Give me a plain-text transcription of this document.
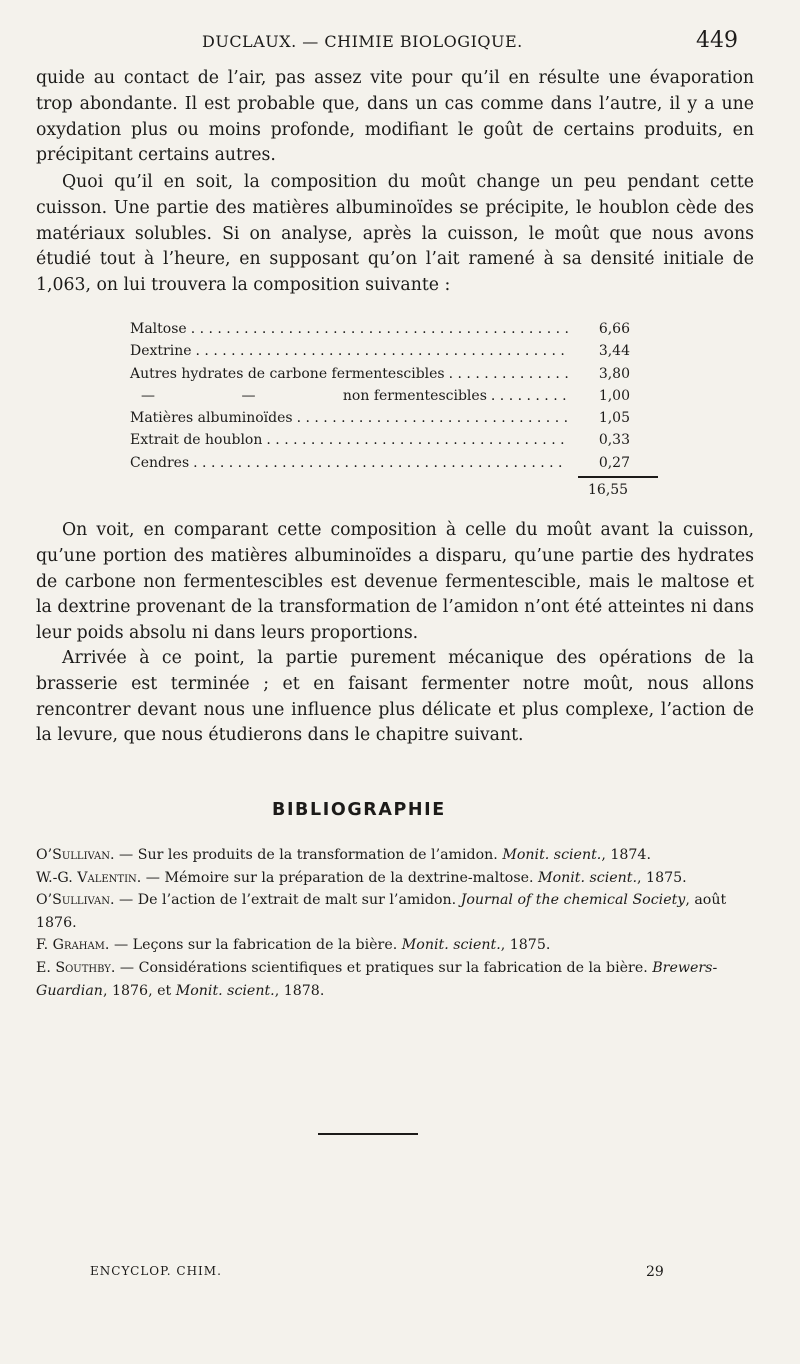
DUCLAUX. — CHIMIE BIOLOGIQUE.	449

quide au contact de l’air, pas assez vite pour qu’il en résulte une évaporation trop abondante. Il est probable que, dans un cas comme dans l’autre, il y a une oxydation plus ou moins profonde, modifiant le goût de certains produits, en précipitant certains autres.

Quoi qu’il en soit, la composition du moût change un peu pendant cette cuisson. Une partie des matières albuminoïdes se précipite, le houblon cède des matériaux solubles. Si on analyse, après la cuisson, le moût que nous avons étudié tout à l’heure, en supposant qu’on l’ait ramené à sa densité initiale de 1,063, on lui trouvera la composition suivante :

Maltose . . .	6,66
Dextrine . . .	3,44
Autres hydrates de carbone fermentescibles . . .	3,80
—	—	non fermentescibles . . .	1,00
Matières albuminoïdes . . .	1,05
Extrait de houblon . . .	0,33
Cendres . . .	0,27
16,55

On voit, en comparant cette composition à celle du moût avant la cuisson, qu’une portion des matières albuminoïdes a disparu, qu’une partie des hydrates de carbone non fermentescibles est devenue fermentescible, mais le maltose et la dextrine provenant de la transformation de l’amidon n’ont été atteintes ni dans leur poids absolu ni dans leurs proportions.

Arrivée à ce point, la partie purement mécanique des opérations de la brasserie est terminée ; et en faisant fermenter notre moût, nous allons rencontrer devant nous une influence plus délicate et plus complexe, l’action de la levure, que nous étudierons dans le chapitre suivant.

BIBLIOGRAPHIE

O’Sullivan. — Sur les produits de la transformation de l’amidon. Monit. scient., 1874.

W.-G. Valentin. — Mémoire sur la préparation de la dextrine-maltose. Monit. scient., 1875.

O’Sullivan. — De l’action de l’extrait de malt sur l’amidon. Journal of the chemical Society, août 1876.

F. Graham. — Leçons sur la fabrication de la bière. Monit. scient., 1875.

E. Southby. — Considérations scientifiques et pratiques sur la fabrication de la bière. Brewers-Guardian, 1876, et Monit. scient., 1878.

ENCYCLOP. CHIM.	29
